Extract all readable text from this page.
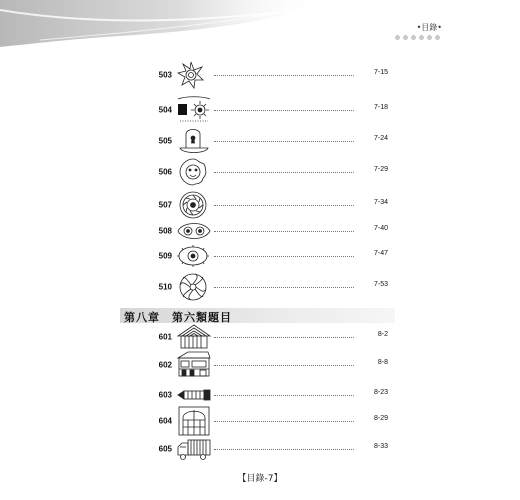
•目錄•
503	7-15
504	7-18
505	7-24
506	7-29
507	7-34
508	7-40
509	7-47
510	7-53
第八章　第六類題目
601	8-2
602	8-8
603	8-23
604	8-29
605	8-33
【目錄-7】
